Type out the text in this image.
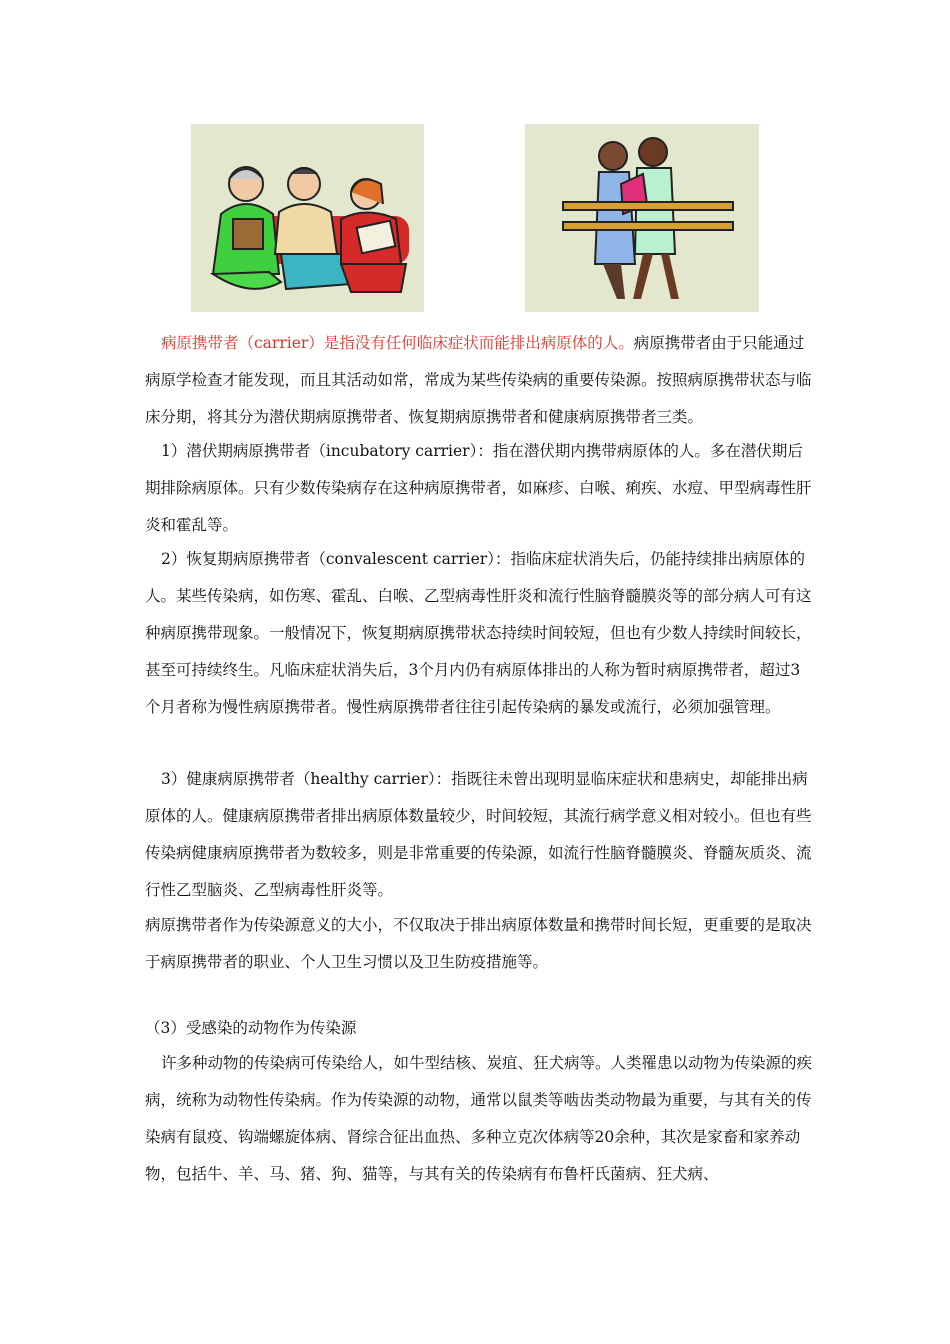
病原携带者（carrier）是指没有任何临床症状而能排出病原体的人。病原携带者由于只能通过病原学检查才能发现，而且其活动如常，常成为某些传染病的重要传染源。按照病原携带状态与临床分期，将其分为潜伏期病原携带者、恢复期病原携带者和健康病原携带者三类。

1）潜伏期病原携带者（incubatory carrier）：指在潜伏期内携带病原体的人。多在潜伏期后期排除病原体。只有少数传染病存在这种病原携带者，如麻疹、白喉、痢疾、水痘、甲型病毒性肝炎和霍乱等。

2）恢复期病原携带者（convalescent carrier）：指临床症状消失后，仍能持续排出病原体的人。某些传染病，如伤寒、霍乱、白喉、乙型病毒性肝炎和流行性脑脊髓膜炎等的部分病人可有这种病原携带现象。一般情况下，恢复期病原携带状态持续时间较短，但也有少数人持续时间较长，甚至可持续终生。凡临床症状消失后，3个月内仍有病原体排出的人称为暂时病原携带者，超过3个月者称为慢性病原携带者。慢性病原携带者往往引起传染病的暴发或流行，必须加强管理。

3）健康病原携带者（healthy carrier）：指既往未曾出现明显临床症状和患病史，却能排出病原体的人。健康病原携带者排出病原体数量较少，时间较短，其流行病学意义相对较小。但也有些传染病健康病原携带者为数较多，则是非常重要的传染源，如流行性脑脊髓膜炎、脊髓灰质炎、流行性乙型脑炎、乙型病毒性肝炎等。

病原携带者作为传染源意义的大小，不仅取决于排出病原体数量和携带时间长短，更重要的是取决于病原携带者的职业、个人卫生习惯以及卫生防疫措施等。

（3）受感染的动物作为传染源

许多种动物的传染病可传染给人，如牛型结核、炭疽、狂犬病等。人类罹患以动物为传染源的疾病，统称为动物性传染病。作为传染源的动物，通常以鼠类等啮齿类动物最为重要，与其有关的传染病有鼠疫、钩端螺旋体病、肾综合征出血热、多种立克次体病等20余种，其次是家畜和家养动物，包括牛、羊、马、猪、狗、猫等，与其有关的传染病有布鲁杆氏菌病、狂犬病、
